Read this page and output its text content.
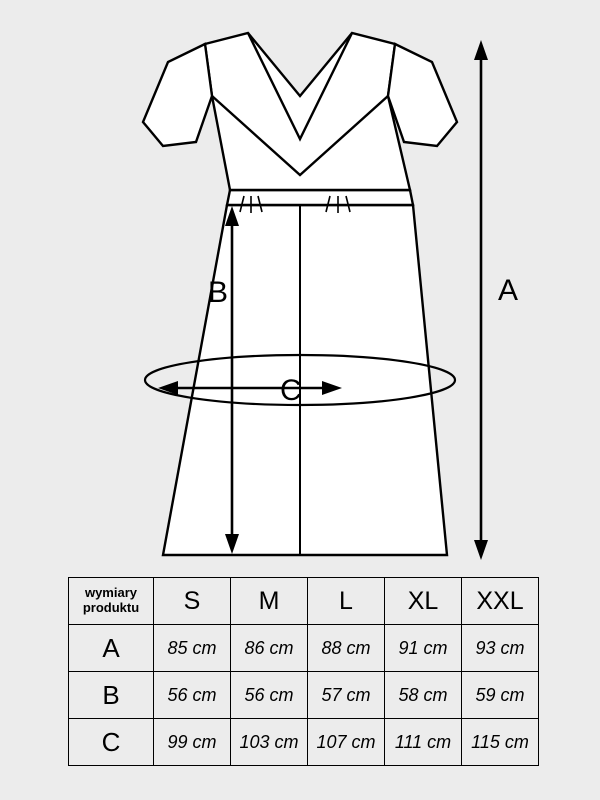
A
B
C
wymiary
produktu	S	M	L	XL	XXL
A	85 cm	86 cm	88 cm	91 cm	93 cm
B	56 cm	56 cm	57 cm	58 cm	59 cm
C	99 cm	103 cm	107 cm	111 cm	115 cm
